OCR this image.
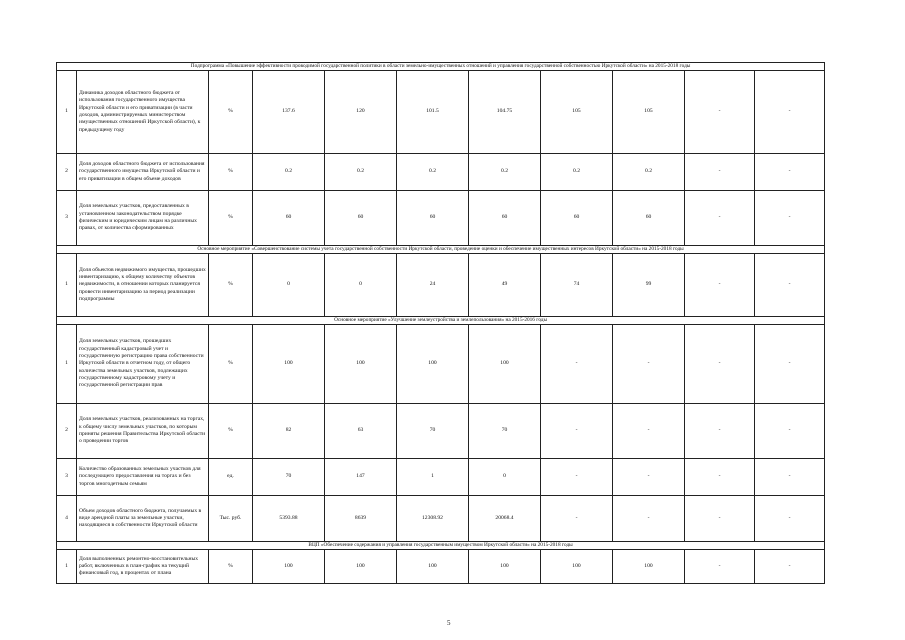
Подпрограмма «Повышение эффективности проводимой государственной политики в области земельно-имущественных отношений и управления государственной собственностью Иркутской области» на 2015-2018 годы										
1	Динамика доходов областного бюджета от использования государственного имущества Иркутской области и его приватизации (в части доходов, администрируемых министерством имущественных отношений Иркутской области), к предыдущему году	%	137.6	120	101.5	104.75	105	105	-	-
2	Доля доходов областного бюджета от использования государственного имущества Иркутской области и его приватизации в общем объеме доходов	%	0.2	0.2	0.2	0.2	0.2	0.2	-	-
3	Доля земельных участков, предоставленных в установленном законодательством порядке физическим и юридическим лицам на различных правах, от количества сформированных	%	60	60	60	60	60	60	-	-
Основное мероприятие «Совершенствование системы учета государственной собственности Иркутской области, проведение оценки и обеспечение имущественных интересов Иркутской области» на 2015-2018 годы										
1	Доля объектов недвижимого имущества, прошедших инвентаризацию, к общему количеству объектов недвижимости, в отношении которых планируется провести инвентаризацию за период реализации подпрограммы	%	0	0	24	49	74	99	-	-
Основное мероприятие «Улучшение землеустройства и землепользования» на 2015-2016 годы										
1	Доля земельных участков, прошедших государственный кадастровый учет и государственную регистрацию права собственности Иркутской области в отчетном году, от общего количества земельных участков, подлежащих государственному кадастровому учету и государственной регистрации прав	%	100	100	100	100	-	-	-	-
2	Доля земельных участков, реализованных на торгах, к общему числу земельных участков, по которым приняты решения Правительства Иркутской области о проведении торгов	%	82	63	70	70	-	-	-	-
3	Количество образованных земельных участков для последующего предоставления на торгах и без торгов многодетным семьям	ед.	70	147	1	0	-	-	-	-
4	Объем доходов областного бюджета, получаемых в виде арендной платы за земельные участки, находящиеся в собственности Иркутской области	Тыс. руб.	5393.88	8639	12308.92	20068.4	-	-	-	-
ВЦП «Обеспечение содержания и управления государственным имуществом Иркутской области» на 2015-2018 годы										
1	Доля выполненных ремонтно-восстановительных работ, включенных в план-график на текущий финансовый год, в процентах от плана	%	100	100	100	100	100	100	-	-
5
